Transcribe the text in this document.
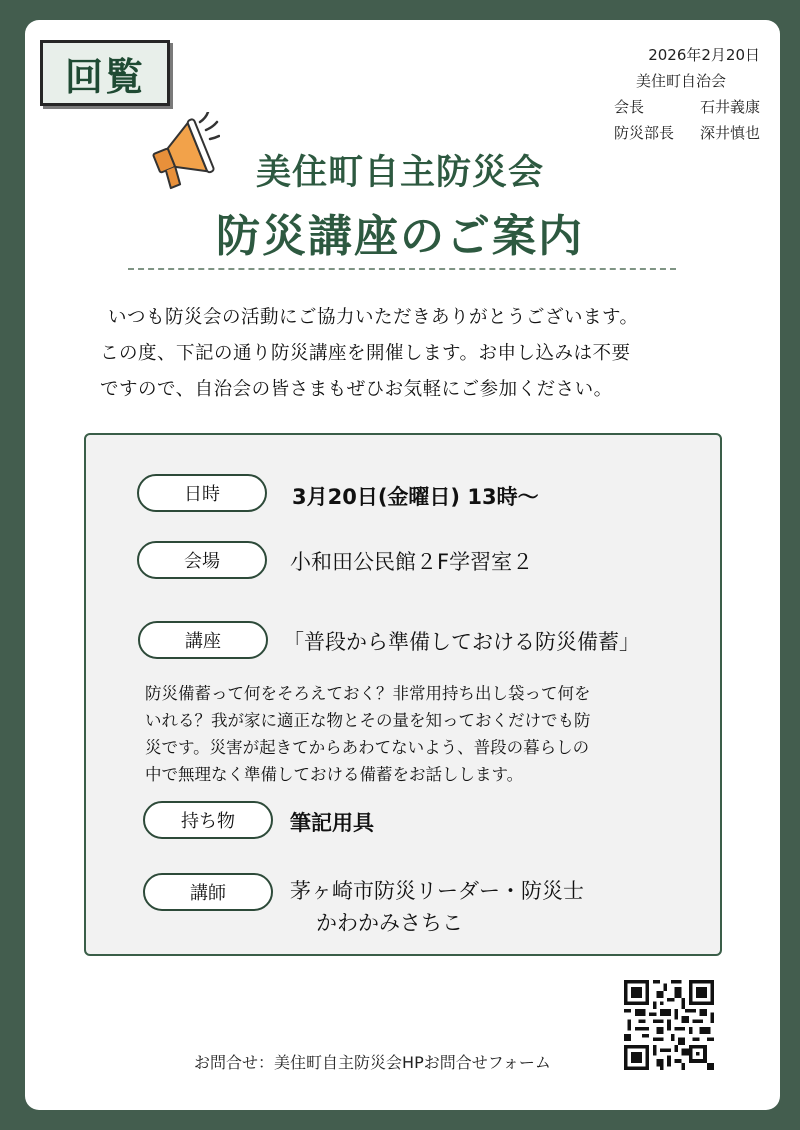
回覧	2026年2月20日
美住町自治会
会長	石井義康
防災部長	深井慎也
美住町自主防災会
防災講座のご案内

いつも防災会の活動にご協力いただきありがとうございます。

この度、下記の通り防災講座を開催します。お申し込みは不要

ですので、自治会の皆さまもぜひお気軽にご参加ください。

日時	3月20日(金曜日) 13時～
会場	小和田公民館２F学習室２
講座	「普段から準備しておける防災備蓄」

防災備蓄って何をそろえておく？非常用持ち出し袋って何を

いれる？我が家に適正な物とその量を知っておくだけでも防

災です。災害が起きてからあわてないよう、普段の暮らしの

中で無理なく準備しておける備蓄をお話しします。

持ち物	筆記用具
講師	茅ヶ崎市防災リーダー・防災士
かわかみさちこ
お問合せ：美住町自主防災会HPお問合せフォーム
